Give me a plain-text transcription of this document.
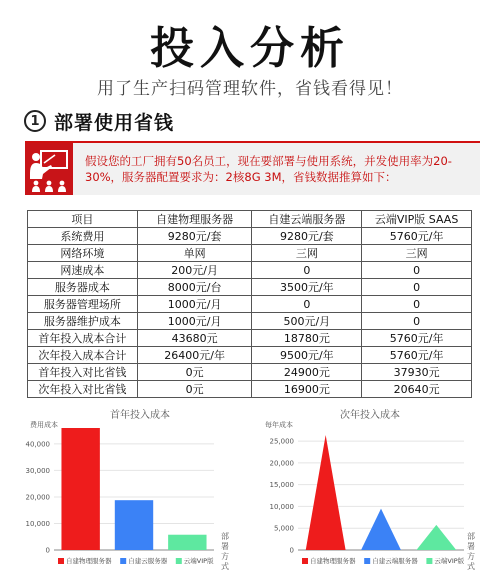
投入分析
用了生产扫码管理软件，省钱看得见！
1 部署使用省钱
假设您的工厂拥有50名员工，现在要部署与使用系统，并发使用率为20-30%，服务器配置要求为：2核8G 3M，省钱数据推算如下：
项目	自建物理服务器	自建云端服务器	云端VIP版 SAAS
系统费用	9280元/套	9280元/套	5760元/年
网络环境	单网	三网	三网
网速成本	200元/月	0	0
服务器成本	8000元/台	3500元/年	0
服务器管理场所	1000元/月	0	0
服务器维护成本	1000元/月	500元/月	0
首年投入成本合计	43680元	18780元	5760元/年
次年投入成本合计	26400元/年	9500元/年	5760元/年
首年投入对比省钱	0元	24900元	37930元
次年投入对比省钱	0元	16900元	20640元
首年投入成本
费用成本
0
10,000
20,000
30,000
40,000
自建物理服务器	自建云服务器	云端VIP版
部署方式
次年投入成本
每年成本
0
5,000
10,000
15,000
20,000
25,000
自建物理服务器	自建云端服务器	云端VIP版
部署方式
